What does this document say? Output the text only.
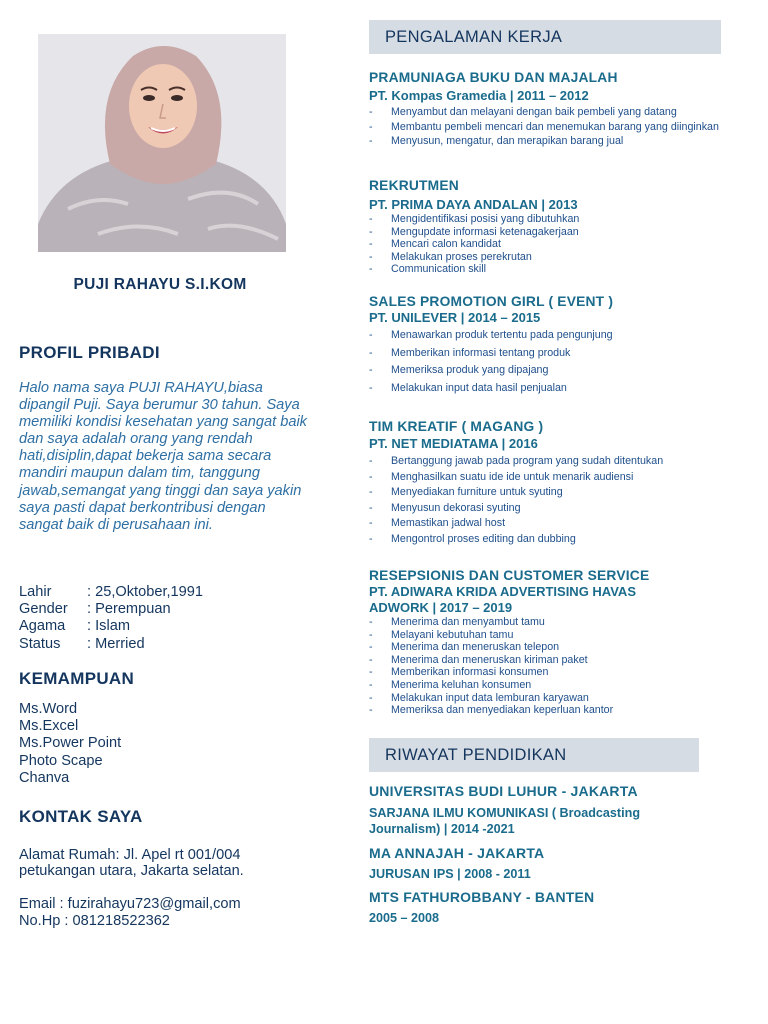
PUJI RAHAYU S.I.KOM
PROFIL PRIBADI
Halo nama saya PUJI RAHAYU,biasa dipangil Puji. Saya berumur 30 tahun. Saya memiliki kondisi kesehatan yang sangat baik dan saya adalah orang yang rendah hati,disiplin,dapat bekerja sama secara mandiri maupun dalam tim, tanggung jawab,semangat yang tinggi dan saya yakin saya pasti dapat berkontribusi dengan sangat baik di perusahaan ini.
Lahir	: 25,Oktober,1991
Gender	: Perempuan
Agama	: Islam
Status	: Merried
KEMAMPUAN
Ms.Word
Ms.Excel
Ms.Power Point
Photo Scape
Chanva
KONTAK SAYA
Alamat Rumah: Jl. Apel rt 001/004
petukangan utara, Jakarta selatan.
Email : fuzirahayu723@gmail,com
No.Hp : 081218522362
PENGALAMAN KERJA
PRAMUNIAGA BUKU DAN MAJALAH
PT. Kompas Gramedia | 2011 – 2012
- Menyambut dan melayani dengan baik pembeli yang datang
- Membantu pembeli mencari dan menemukan barang yang diinginkan
- Menyusun, mengatur, dan merapikan barang jual
REKRUTMEN
PT. PRIMA DAYA ANDALAN | 2013
- Mengidentifikasi posisi yang dibutuhkan
- Mengupdate informasi ketenagakerjaan
- Mencari calon kandidat
- Melakukan proses perekrutan
- Communication skill
SALES PROMOTION GIRL ( EVENT )
PT. UNILEVER | 2014 – 2015
- Menawarkan produk tertentu pada pengunjung
- Memberikan informasi tentang produk
- Memeriksa produk yang dipajang
- Melakukan input data hasil penjualan
TIM KREATIF ( MAGANG )
PT. NET MEDIATAMA | 2016
- Bertanggung jawab pada program yang sudah ditentukan
- Menghasilkan suatu ide ide untuk menarik audiensi
- Menyediakan furniture untuk syuting
- Menyusun dekorasi syuting
- Memastikan jadwal host
- Mengontrol proses editing dan dubbing
RESEPSIONIS DAN CUSTOMER SERVICE
PT. ADIWARA KRIDA ADVERTISING HAVAS
ADWORK | 2017 – 2019
- Menerima dan menyambut tamu
- Melayani kebutuhan tamu
- Menerima dan meneruskan telepon
- Menerima dan meneruskan kiriman paket
- Memberikan informasi konsumen
- Menerima keluhan konsumen
- Melakukan input data lemburan karyawan
- Memeriksa dan menyediakan keperluan kantor
RIWAYAT PENDIDIKAN
UNIVERSITAS BUDI LUHUR - JAKARTA
SARJANA ILMU KOMUNIKASI ( Broadcasting Journalism) | 2014 -2021
MA ANNAJAH - JAKARTA
JURUSAN IPS | 2008 - 2011
MTS FATHUROBBANY - BANTEN
2005 – 2008
